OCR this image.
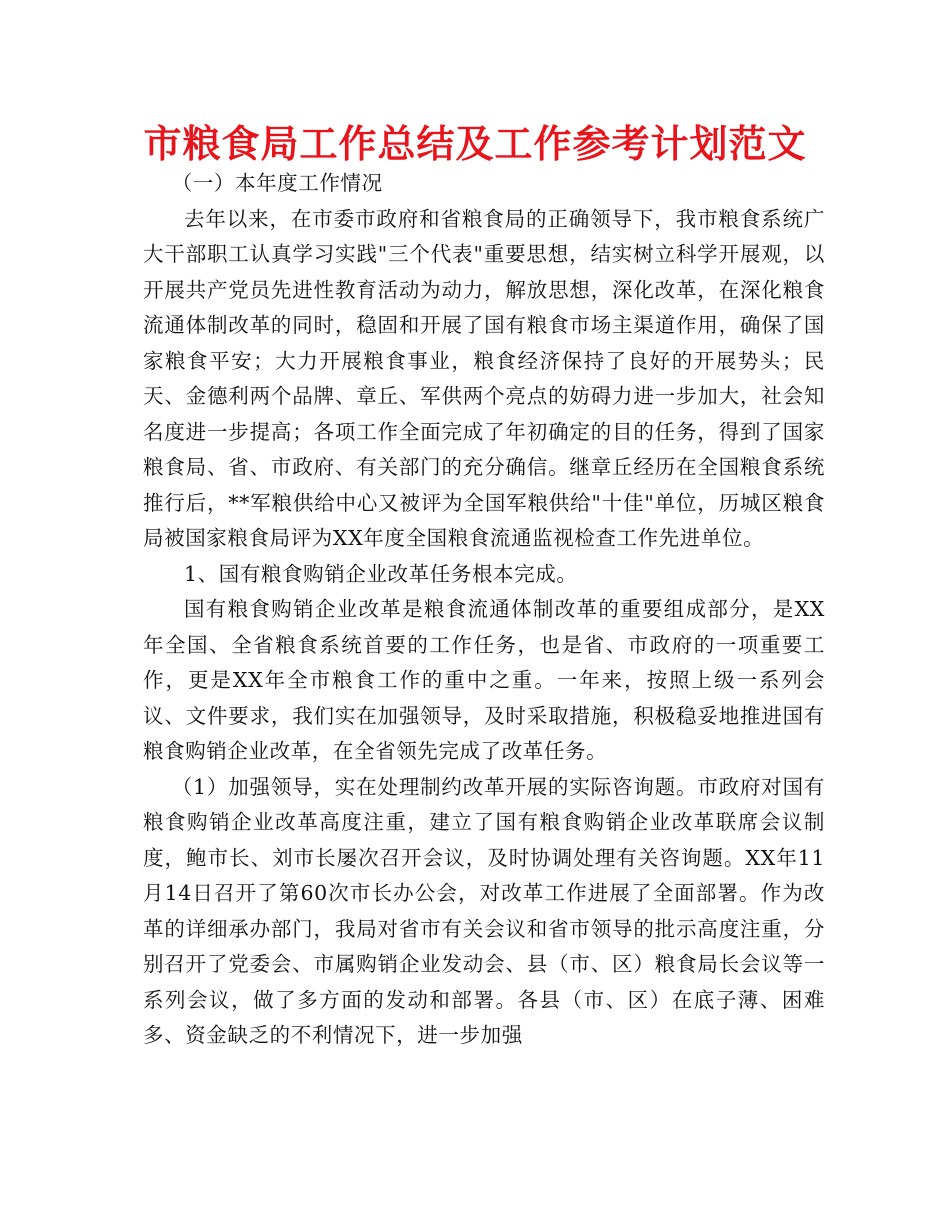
市粮食局工作总结及工作参考计划范文

（一）本年度工作情况

去年以来，在市委市政府和省粮食局的正确领导下，我市粮食系统广大干部职工认真学习实践"三个代表"重要思想，结实树立科学开展观，以开展共产党员先进性教育活动为动力，解放思想，深化改革，在深化粮食流通体制改革的同时，稳固和开展了国有粮食市场主渠道作用，确保了国家粮食平安；大力开展粮食事业，粮食经济保持了良好的开展势头；民天、金德利两个品牌、章丘、军供两个亮点的妨碍力进一步加大，社会知名度进一步提高；各项工作全面完成了年初确定的目的任务，得到了国家粮食局、省、市政府、有关部门的充分确信。继章丘经历在全国粮食系统推行后，**军粮供给中心又被评为全国军粮供给"十佳"单位，历城区粮食局被国家粮食局评为XX年度全国粮食流通监视检查工作先进单位。

1、国有粮食购销企业改革任务根本完成。

国有粮食购销企业改革是粮食流通体制改革的重要组成部分，是XX年全国、全省粮食系统首要的工作任务，也是省、市政府的一项重要工作，更是XX年全市粮食工作的重中之重。一年来，按照上级一系列会议、文件要求，我们实在加强领导，及时采取措施，积极稳妥地推进国有粮食购销企业改革，在全省领先完成了改革任务。

（1）加强领导，实在处理制约改革开展的实际咨询题。市政府对国有粮食购销企业改革高度注重，建立了国有粮食购销企业改革联席会议制度，鲍市长、刘市长屡次召开会议，及时协调处理有关咨询题。XX年11月14日召开了第60次市长办公会，对改革工作进展了全面部署。作为改革的详细承办部门，我局对省市有关会议和省市领导的批示高度注重，分别召开了党委会、市属购销企业发动会、县（市、区）粮食局长会议等一系列会议，做了多方面的发动和部署。各县（市、区）在底子薄、困难多、资金缺乏的不利情况下，进一步加强
